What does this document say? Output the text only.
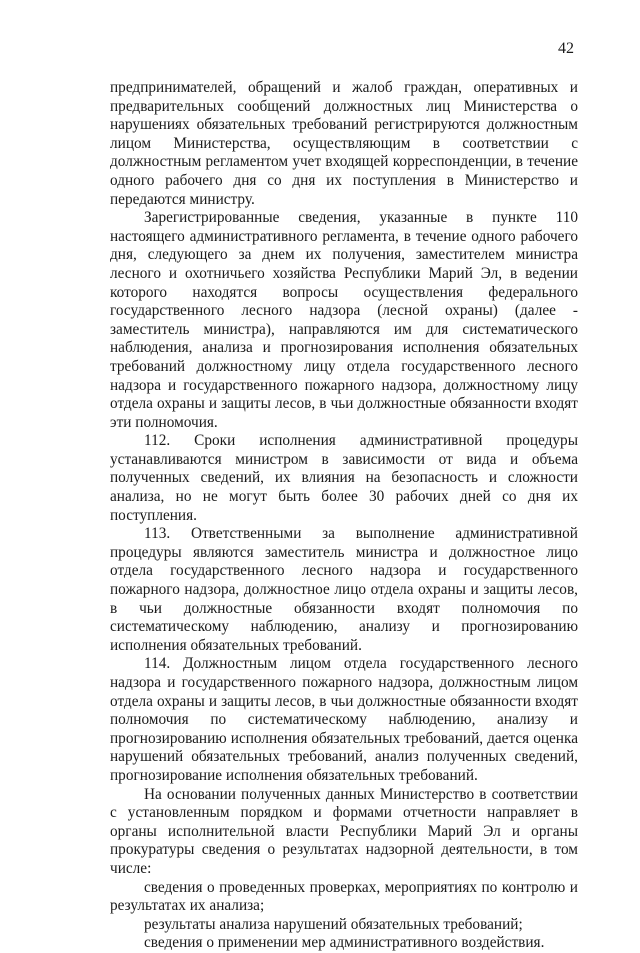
42

предпринимателей, обращений и жалоб граждан, оперативных и предварительных сообщений должностных лиц Министерства о нарушениях обязательных требований регистрируются должностным лицом Министерства, осуществляющим в соответствии с должностным регламентом учет входящей корреспонденции, в течение одного рабочего дня со дня их поступления в Министерство и передаются министру.

Зарегистрированные сведения, указанные в пункте 110 настоящего административного регламента, в течение одного рабочего дня, следующего за днем их получения, заместителем министра лесного и охотничьего хозяйства Республики Марий Эл, в ведении которого находятся вопросы осуществления федерального государственного лесного надзора (лесной охраны) (далее - заместитель министра), направляются им для систематического наблюдения, анализа и прогнозирования исполнения обязательных требований должностному лицу отдела государственного лесного надзора и государственного пожарного надзора, должностному лицу отдела охраны и защиты лесов, в чьи должностные обязанности входят эти полномочия.

112. Сроки исполнения административной процедуры устанавливаются министром в зависимости от вида и объема полученных сведений, их влияния на безопасность и сложности анализа, но не могут быть более 30 рабочих дней со дня их поступления.

113. Ответственными за выполнение административной процедуры являются заместитель министра и должностное лицо отдела государственного лесного надзора и государственного пожарного надзора, должностное лицо отдела охраны и защиты лесов, в чьи должностные обязанности входят полномочия по систематическому наблюдению, анализу и прогнозированию исполнения обязательных требований.

114. Должностным лицом отдела государственного лесного надзора и государственного пожарного надзора, должностным лицом отдела охраны и защиты лесов, в чьи должностные обязанности входят полномочия по систематическому наблюдению, анализу и прогнозированию исполнения обязательных требований, дается оценка нарушений обязательных требований, анализ полученных сведений, прогнозирование исполнения обязательных требований.

На основании полученных данных Министерство в соответствии с установленным порядком и формами отчетности направляет в органы исполнительной власти Республики Марий Эл и органы прокуратуры сведения о результатах надзорной деятельности, в том числе:

сведения о проведенных проверках, мероприятиях по контролю и результатах их анализа;

результаты анализа нарушений обязательных требований;

сведения о применении мер административного воздействия.
